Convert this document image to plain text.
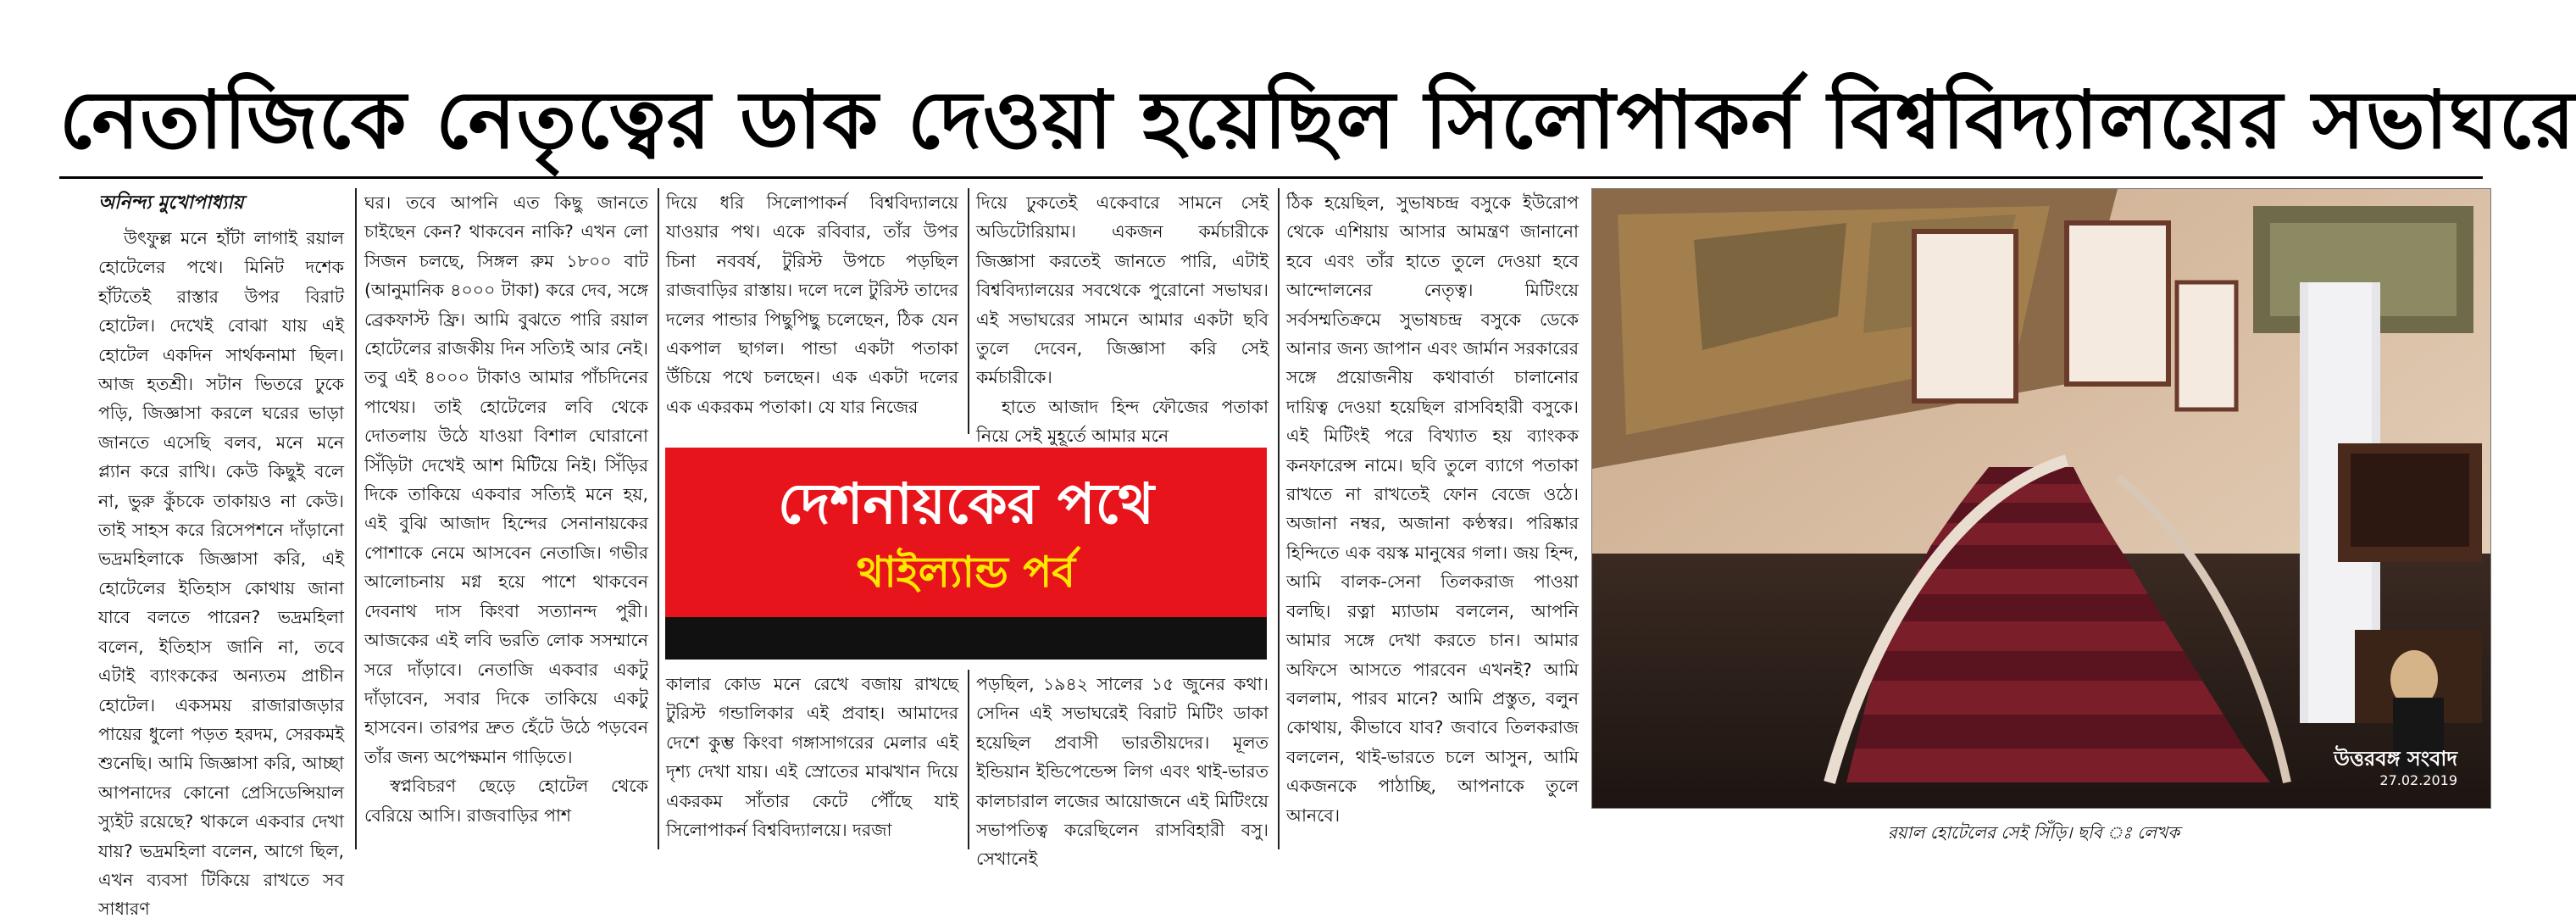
নেতাজিকে নেতৃত্বের ডাক দেওয়া হয়েছিল সিলোপাকর্ন বিশ্ববিদ্যালয়ের সভাঘরে
অনিন্দ্য মুখোপাধ্যায়

উৎফুল্ল মনে হাঁটা লাগাই রয়াল হোটেলের পথে। মিনিট দশেক হাঁটতেই রাস্তার উপর বিরাট হোটেল। দেখেই বোঝা যায় এই হোটেল একদিন সার্থকনামা ছিল। আজ হতশ্রী। সটান ভিতরে ঢুকে পড়ি, জিজ্ঞাসা করলে ঘরের ভাড়া জানতে এসেছি বলব, মনে মনে প্ল্যান করে রাখি। কেউ কিছুই বলে না, ভুরু কুঁচকে তাকায়ও না কেউ। তাই সাহস করে রিসেপশনে দাঁড়ানো ভদ্রমহিলাকে জিজ্ঞাসা করি, এই হোটেলের ইতিহাস কোথায় জানা যাবে বলতে পারেন? ভদ্রমহিলা বলেন, ইতিহাস জানি না, তবে এটাই ব্যাংককের অন্যতম প্রাচীন হোটেল। একসময় রাজারাজড়ার পায়ের ধুলো পড়ত হরদম, সেরকমই শুনেছি। আমি জিজ্ঞাসা করি, আচ্ছা আপনাদের কোনো প্রেসিডেন্সিয়াল স্যুইট রয়েছে? থাকলে একবার দেখা যায়? ভদ্রমহিলা বলেন, আগে ছিল, এখন ব্যবসা টিকিয়ে রাখতে সব সাধারণ

ঘর। তবে আপনি এত কিছু জানতে চাইছেন কেন? থাকবেন নাকি? এখন লো সিজন চলছে, সিঙ্গল রুম ১৮০০ বাট (আনুমানিক ৪০০০ টাকা) করে দেব, সঙ্গে ব্রেকফাস্ট ফ্রি। আমি বুঝতে পারি রয়াল হোটেলের রাজকীয় দিন সত্যিই আর নেই। তবু এই ৪০০০ টাকাও আমার পাঁচদিনের পাথেয়। তাই হোটেলের লবি থেকে দোতলায় উঠে যাওয়া বিশাল ঘোরানো সিঁড়িটা দেখেই আশ মিটিয়ে নিই। সিঁড়ির দিকে তাকিয়ে একবার সত্যিই মনে হয়, এই বুঝি আজাদ হিন্দের সেনানায়কের পোশাকে নেমে আসবেন নেতাজি। গভীর আলোচনায় মগ্ন হয়ে পাশে থাকবেন দেবনাথ দাস কিংবা সত্যানন্দ পুরী। আজকের এই লবি ভরতি লোক সসম্মানে সরে দাঁড়াবে। নেতাজি একবার একটু দাঁড়াবেন, সবার দিকে তাকিয়ে একটু হাসবেন। তারপর দ্রুত হেঁটে উঠে পড়বেন তাঁর জন্য অপেক্ষমান গাড়িতে।

স্বপ্নবিচরণ ছেড়ে হোটেল থেকে বেরিয়ে আসি। রাজবাড়ির পাশ

দিয়ে ধরি সিলোপাকর্ন বিশ্ববিদ্যালয়ে যাওয়ার পথ। একে রবিবার, তাঁর উপর চিনা নববর্ষ, টুরিস্ট উপচে পড়ছিল রাজবাড়ির রাস্তায়। দলে দলে টুরিস্ট তাদের দলের পান্ডার পিছুপিছু চলেছেন, ঠিক যেন একপাল ছাগল। পান্ডা একটা পতাকা উঁচিয়ে পথে চলছেন। এক একটা দলের এক একরকম পতাকা। যে যার নিজের

দিয়ে ঢুকতেই একেবারে সামনে সেই অডিটোরিয়াম। একজন কর্মচারীকে জিজ্ঞাসা করতেই জানতে পারি, এটাই বিশ্ববিদ্যালয়ের সবথেকে পুরোনো সভাঘর। এই সভাঘরের সামনে আমার একটা ছবি তুলে দেবেন, জিজ্ঞাসা করি সেই কর্মচারীকে।

হাতে আজাদ হিন্দ ফৌজের পতাকা নিয়ে সেই মুহূর্তে আমার মনে

দেশনায়কের পথে
থাইল্যান্ড পর্ব

কালার কোড মনে রেখে বজায় রাখছে টুরিস্ট গন্ডালিকার এই প্রবাহ। আমাদের দেশে কুম্ভ কিংবা গঙ্গাসাগরের মেলার এই দৃশ্য দেখা যায়। এই স্রোতের মাঝখান দিয়ে একরকম সাঁতার কেটে পৌঁছে যাই সিলোপাকর্ন বিশ্ববিদ্যালয়ে। দরজা

পড়ছিল, ১৯৪২ সালের ১৫ জুনের কথা। সেদিন এই সভাঘরেই বিরাট মিটিং ডাকা হয়েছিল প্রবাসী ভারতীয়দের। মূলত ইন্ডিয়ান ইন্ডিপেন্ডেন্স লিগ এবং থাই-ভারত কালচারাল লজের আয়োজনে এই মিটিংয়ে সভাপতিত্ব করেছিলেন রাসবিহারী বসু। সেখানেই

ঠিক হয়েছিল, সুভাষচন্দ্র বসুকে ইউরোপ থেকে এশিয়ায় আসার আমন্ত্রণ জানানো হবে এবং তাঁর হাতে তুলে দেওয়া হবে আন্দোলনের নেতৃত্ব। মিটিংয়ে সর্বসম্মতিক্রমে সুভাষচন্দ্র বসুকে ডেকে আনার জন্য জাপান এবং জার্মান সরকারের সঙ্গে প্রয়োজনীয় কথাবার্তা চালানোর দায়িত্ব দেওয়া হয়েছিল রাসবিহারী বসুকে। এই মিটিংই পরে বিখ্যাত হয় ব্যাংকক কনফারেন্স নামে। ছবি তুলে ব্যাগে পতাকা রাখতে না রাখতেই ফোন বেজে ওঠে। অজানা নম্বর, অজানা কণ্ঠস্বর। পরিষ্কার হিন্দিতে এক বয়স্ক মানুষের গলা। জয় হিন্দ, আমি বালক-সেনা তিলকরাজ পাওয়া বলছি। রত্না ম্যাডাম বললেন, আপনি আমার সঙ্গে দেখা করতে চান। আমার অফিসে আসতে পারবেন এখনই? আমি বললাম, পারব মানে? আমি প্রস্তুত, বলুন কোথায়, কীভাবে যাব? জবাবে তিলকরাজ বললেন, থাই-ভারতে চলে আসুন, আমি একজনকে পাঠাচ্ছি, আপনাকে তুলে আনবে।

উত্তরবঙ্গ সংবাদ
27.02.2019
রয়াল হোটেলের সেই সিঁড়ি। ছবি ঃ লেখক
